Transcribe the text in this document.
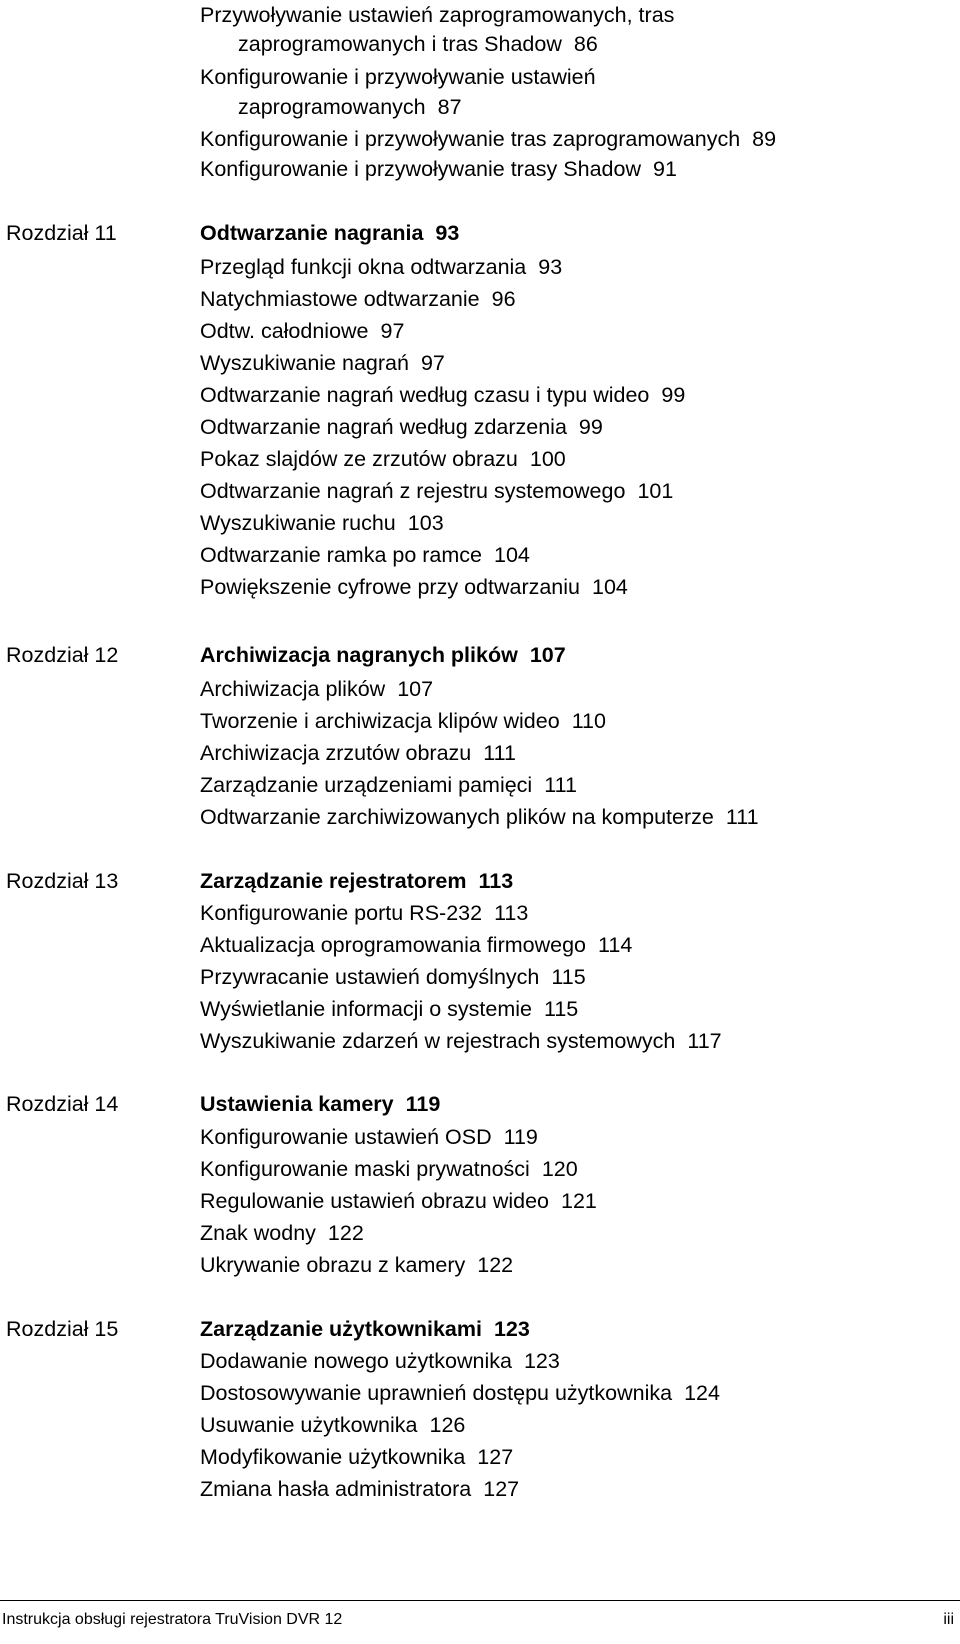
Przywoływanie ustawień zaprogramowanych, tras
zaprogramowanych i tras Shadow 86
Konfigurowanie i przywoływanie ustawień
zaprogramowanych 87
Konfigurowanie i przywoływanie tras zaprogramowanych 89
Konfigurowanie i przywoływanie trasy Shadow 91
Rozdział 11	Odtwarzanie nagrania 93
Przegląd funkcji okna odtwarzania 93
Natychmiastowe odtwarzanie 96
Odtw. całodniowe 97
Wyszukiwanie nagrań 97
Odtwarzanie nagrań według czasu i typu wideo 99
Odtwarzanie nagrań według zdarzenia 99
Pokaz slajdów ze zrzutów obrazu 100
Odtwarzanie nagrań z rejestru systemowego 101
Wyszukiwanie ruchu 103
Odtwarzanie ramka po ramce 104
Powiększenie cyfrowe przy odtwarzaniu 104
Rozdział 12	Archiwizacja nagranych plików 107
Archiwizacja plików 107
Tworzenie i archiwizacja klipów wideo 110
Archiwizacja zrzutów obrazu 111
Zarządzanie urządzeniami pamięci 111
Odtwarzanie zarchiwizowanych plików na komputerze 111
Rozdział 13	Zarządzanie rejestratorem 113
Konfigurowanie portu RS-232 113
Aktualizacja oprogramowania firmowego 114
Przywracanie ustawień domyślnych 115
Wyświetlanie informacji o systemie 115
Wyszukiwanie zdarzeń w rejestrach systemowych 117
Rozdział 14	Ustawienia kamery 119
Konfigurowanie ustawień OSD 119
Konfigurowanie maski prywatności 120
Regulowanie ustawień obrazu wideo 121
Znak wodny 122
Ukrywanie obrazu z kamery 122
Rozdział 15	Zarządzanie użytkownikami 123
Dodawanie nowego użytkownika 123
Dostosowywanie uprawnień dostępu użytkownika 124
Usuwanie użytkownika 126
Modyfikowanie użytkownika 127
Zmiana hasła administratora 127
Instrukcja obsługi rejestratora TruVision DVR 12	iii
